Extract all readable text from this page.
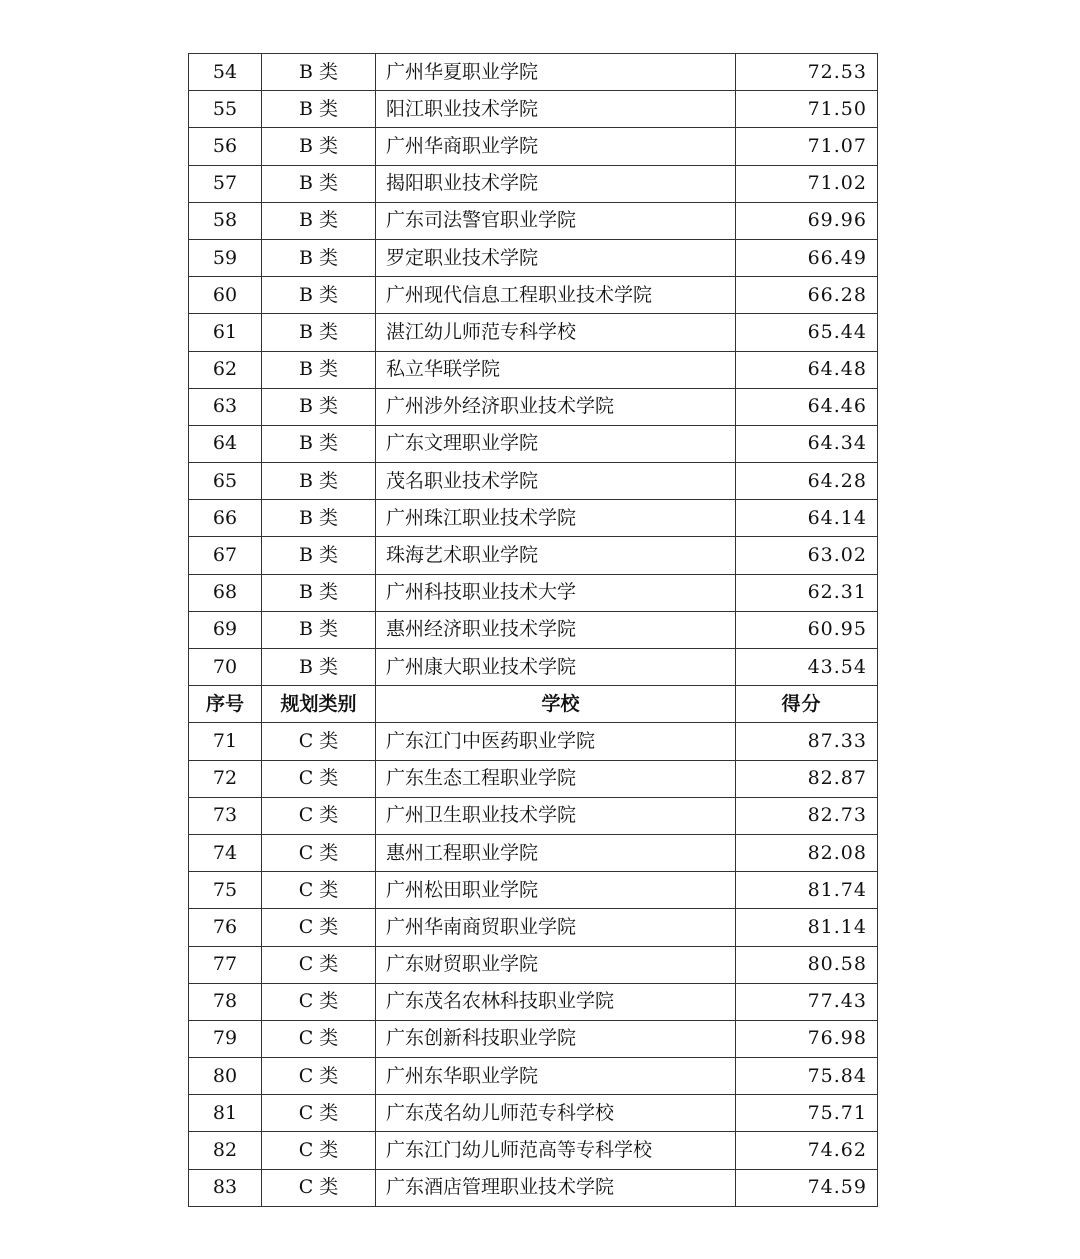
54	B 类	广州华夏职业学院	72.53
55	B 类	阳江职业技术学院	71.50
56	B 类	广州华商职业学院	71.07
57	B 类	揭阳职业技术学院	71.02
58	B 类	广东司法警官职业学院	69.96
59	B 类	罗定职业技术学院	66.49
60	B 类	广州现代信息工程职业技术学院	66.28
61	B 类	湛江幼儿师范专科学校	65.44
62	B 类	私立华联学院	64.48
63	B 类	广州涉外经济职业技术学院	64.46
64	B 类	广东文理职业学院	64.34
65	B 类	茂名职业技术学院	64.28
66	B 类	广州珠江职业技术学院	64.14
67	B 类	珠海艺术职业学院	63.02
68	B 类	广州科技职业技术大学	62.31
69	B 类	惠州经济职业技术学院	60.95
70	B 类	广州康大职业技术学院	43.54
序号	规划类别	学校	得分
71	C 类	广东江门中医药职业学院	87.33
72	C 类	广东生态工程职业学院	82.87
73	C 类	广州卫生职业技术学院	82.73
74	C 类	惠州工程职业学院	82.08
75	C 类	广州松田职业学院	81.74
76	C 类	广州华南商贸职业学院	81.14
77	C 类	广东财贸职业学院	80.58
78	C 类	广东茂名农林科技职业学院	77.43
79	C 类	广东创新科技职业学院	76.98
80	C 类	广州东华职业学院	75.84
81	C 类	广东茂名幼儿师范专科学校	75.71
82	C 类	广东江门幼儿师范高等专科学校	74.62
83	C 类	广东酒店管理职业技术学院	74.59
